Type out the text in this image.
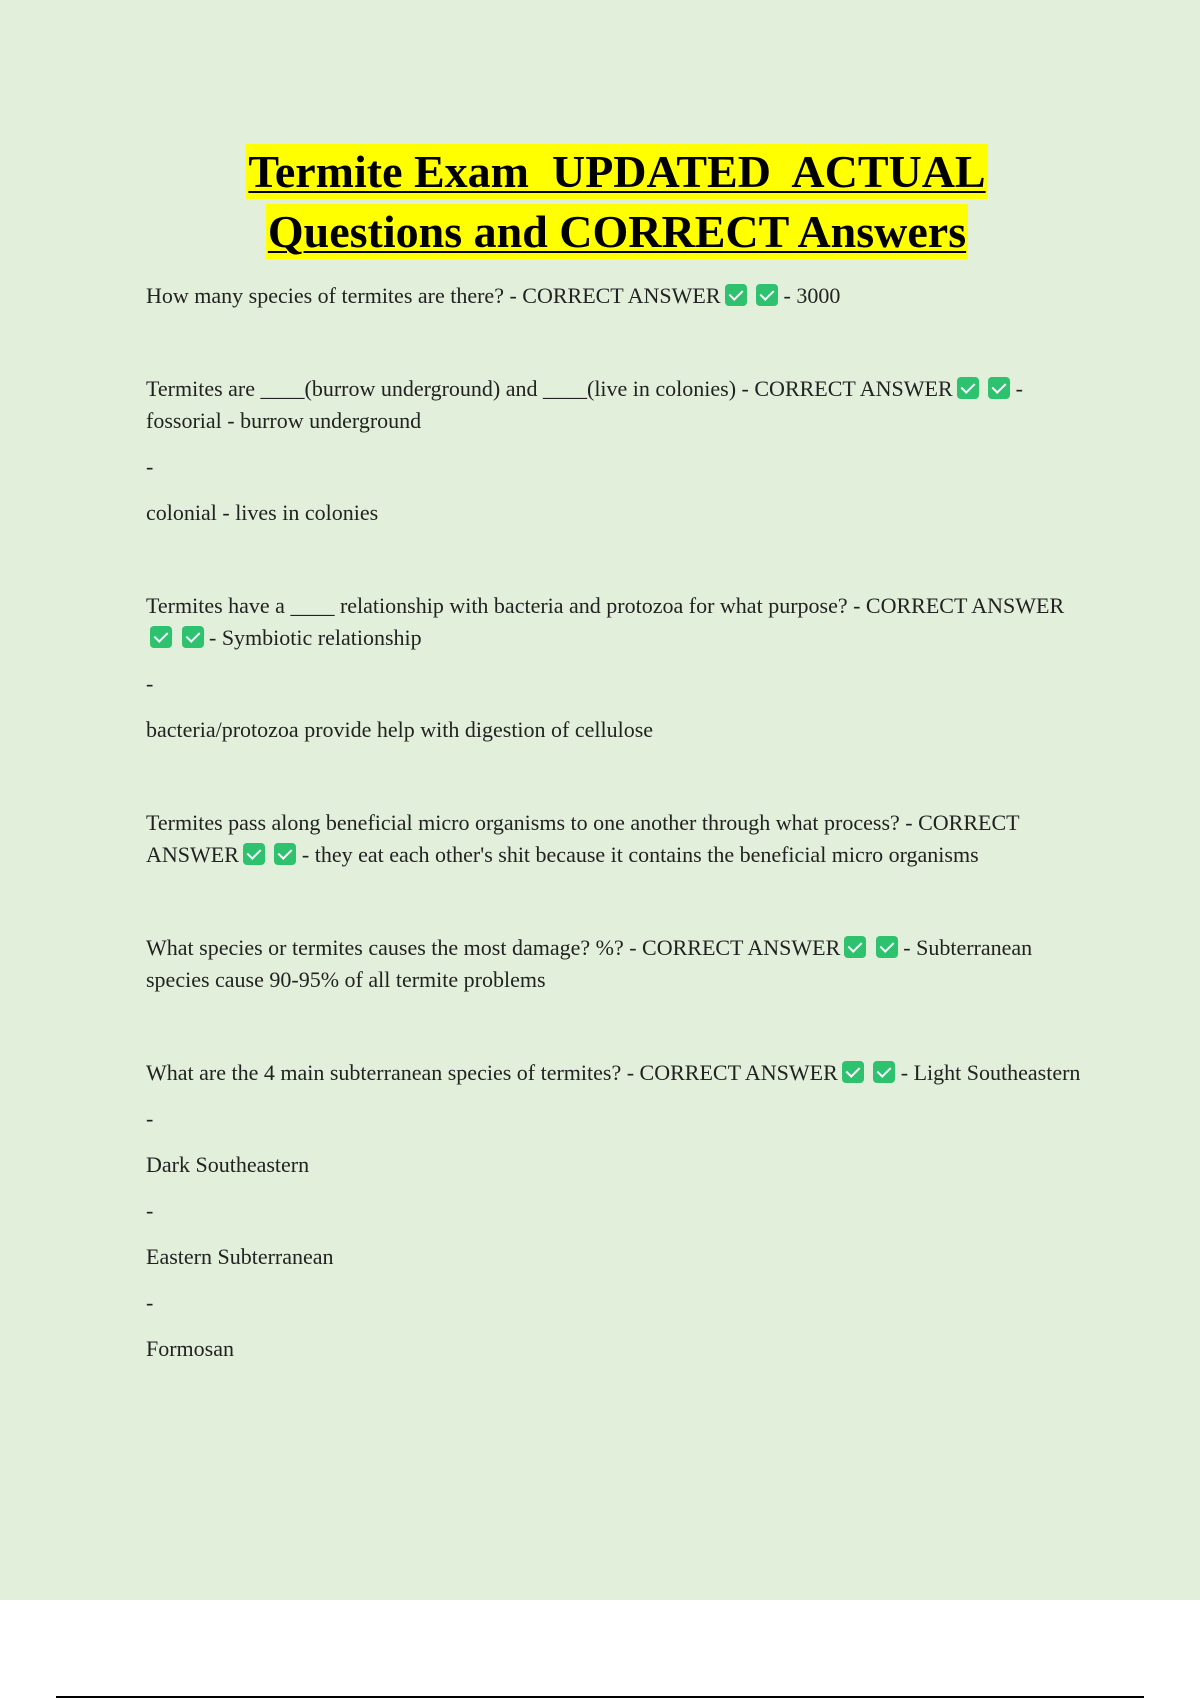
Termite Exam  UPDATED  ACTUAL
Questions and CORRECT Answers

How many species of termites are there? - CORRECT ANSWER	- 3000

Termites are ____(burrow underground) and ____(live in colonies) - CORRECT ANSWER	- fossorial - burrow underground

-

colonial - lives in colonies

Termites have a ____ relationship with bacteria and protozoa for what purpose? - CORRECT ANSWER  - Symbiotic relationship

-

bacteria/protozoa provide help with digestion of cellulose

Termites pass along beneficial micro organisms to one another through what process? - CORRECT ANSWER	- they eat each other's shit because it contains the beneficial micro organisms

What species or termites causes the most damage? %? - CORRECT ANSWER	- Subterranean species cause 90-95% of all termite problems

What are the 4 main subterranean species of termites? - CORRECT ANSWER	- Light Southeastern

-

Dark Southeastern

-

Eastern Subterranean

-

Formosan
